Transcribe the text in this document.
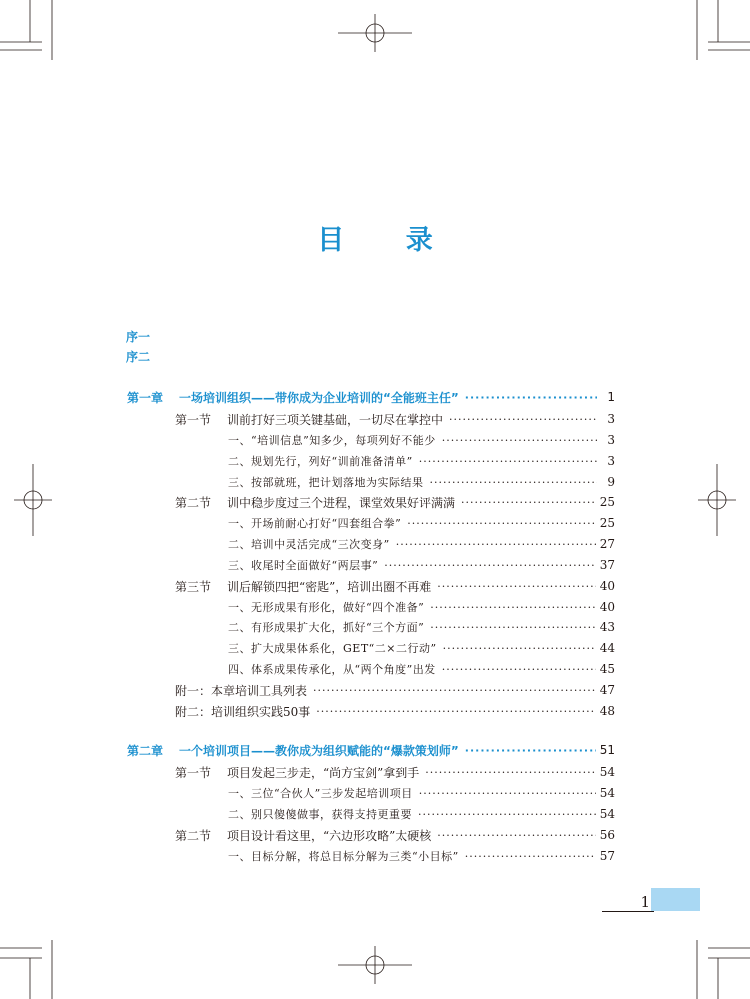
目 录
序一
序二
第一章	一场培训组织——带你成为企业培训的“全能班主任” ·····	1
第一节	训前打好三项关键基础，一切尽在掌控中 ·····	3
一、“培训信息”知多少，每项列好不能少 ·····	3
二、规划先行，列好“训前准备清单” ·····	3
三、按部就班，把计划落地为实际结果 ·····	9
第二节	训中稳步度过三个进程，课堂效果好评满满 ·····	25
一、开场前耐心打好“四套组合拳” ·····	25
二、培训中灵活完成“三次变身” ·····	27
三、收尾时全面做好“两层事” ·····	37
第三节	训后解锁四把“密匙”，培训出圈不再难 ·····	40
一、无形成果有形化，做好“四个准备” ·····	40
二、有形成果扩大化，抓好“三个方面” ·····	43
三、扩大成果体系化，GET“二×二行动” ·····	44
四、体系成果传承化，从“两个角度”出发 ·····	45
附一：本章培训工具列表 ·····	47
附二：培训组织实践50事 ·····	48
第二章	一个培训项目——教你成为组织赋能的“爆款策划师” ·····	51
第一节	项目发起三步走，“尚方宝剑”拿到手 ·····	54
一、三位“合伙人”三步发起培训项目 ·····	54
二、别只傻傻做事，获得支持更重要 ·····	54
第二节	项目设计看这里，“六边形攻略”太硬核 ·····	56
一、目标分解，将总目标分解为三类“小目标” ·····	57
1
